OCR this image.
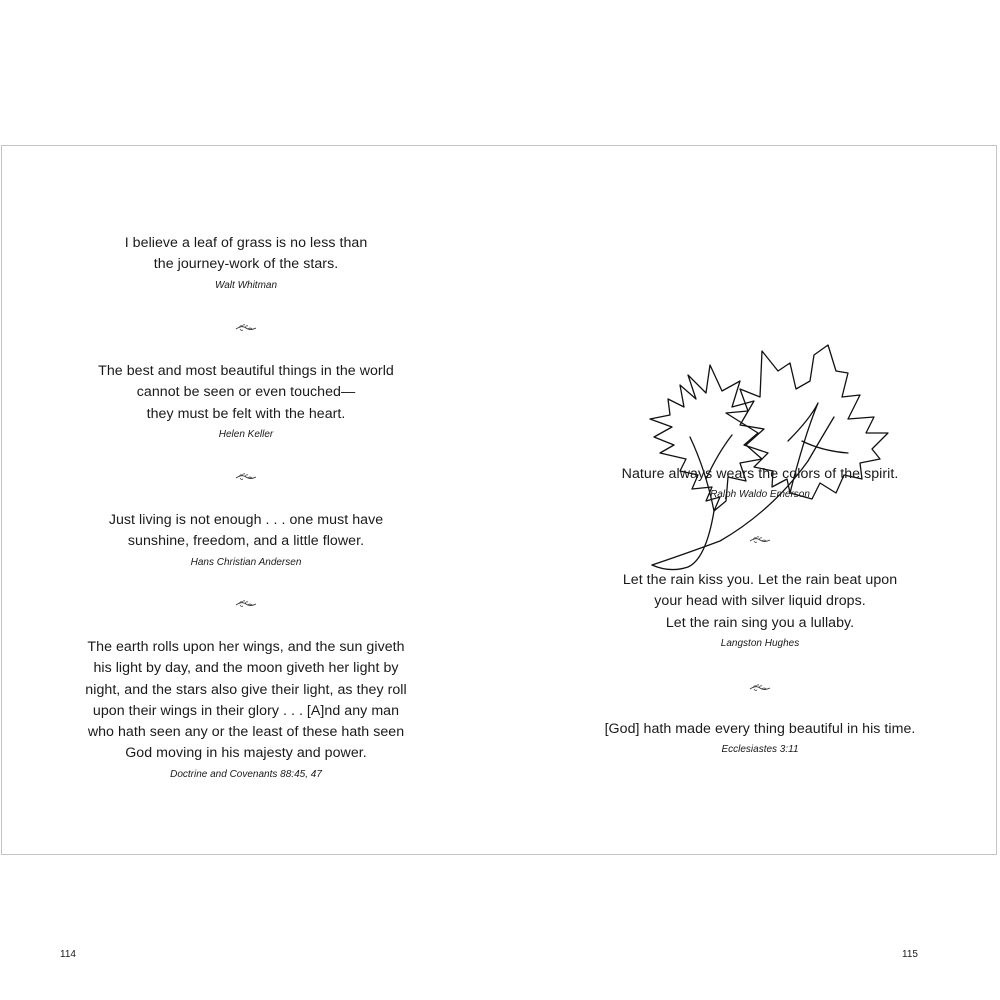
I believe a leaf of grass is no less than
the journey-work of the stars.
Walt Whitman
The best and most beautiful things in the world
cannot be seen or even touched—
they must be felt with the heart.
Helen Keller
Just living is not enough . . . one must have
sunshine, freedom, and a little flower.
Hans Christian Andersen
The earth rolls upon her wings, and the sun giveth
his light by day, and the moon giveth her light by
night, and the stars also give their light, as they roll
upon their wings in their glory . . . [A]nd any man
who hath seen any or the least of these hath seen
God moving in his majesty and power.
Doctrine and Covenants 88:45, 47
114
Nature always wears the colors of the spirit.
Ralph Waldo Emerson
Let the rain kiss you. Let the rain beat upon
your head with silver liquid drops.
Let the rain sing you a lullaby.
Langston Hughes
[God] hath made every thing beautiful in his time.
Ecclesiastes 3:11
115
